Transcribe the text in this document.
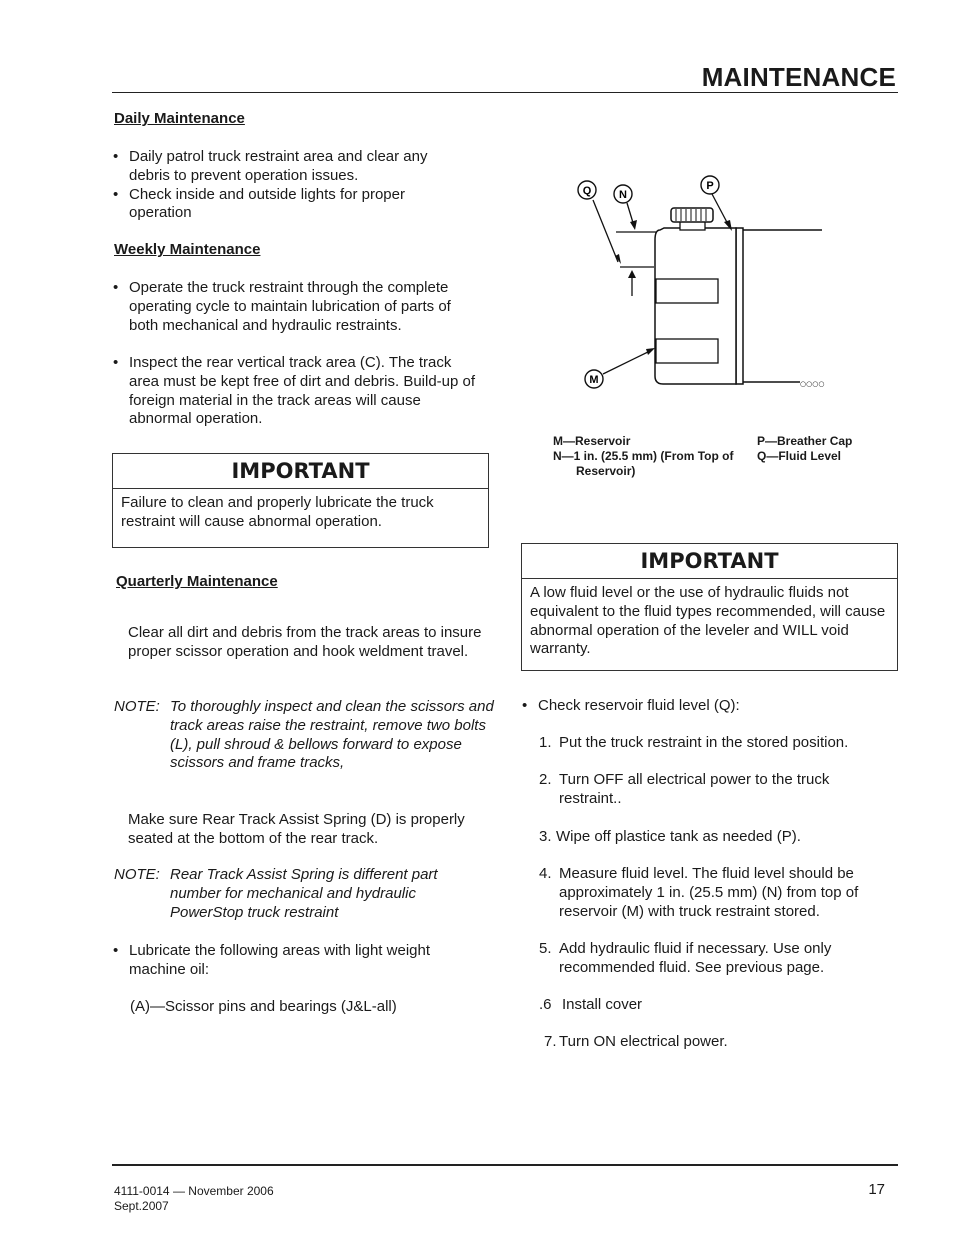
MAINTENANCE
Daily Maintenance
• Daily patrol truck restraint area and clear any debris to prevent operation issues.
• Check inside and outside lights for proper operation
Weekly Maintenance
• Operate the truck restraint through the complete operating cycle to maintain lubrication of parts of both mechanical and hydraulic restraints.
• Inspect the rear vertical track area (C). The track area must be kept free of dirt and debris. Build-up of foreign material in the track areas will cause abnormal operation.
IMPORTANT
Failure to clean and properly lubricate the truck restraint will cause abnormal operation.
Quarterly Maintenance
Clear all dirt and debris from the track areas to insure proper scissor operation and hook weldment travel.
NOTE: To thoroughly inspect and clean the scissors and track areas raise the restraint, remove two bolts (L), pull shroud & bellows forward to expose scissors and frame tracks,
Make sure Rear Track Assist Spring (D) is properly seated at the bottom of the rear track.
NOTE: Rear Track Assist Spring is different part number for mechanical and hydraulic PowerStop truck restraint
• Lubricate the following areas with light weight machine oil:
(A)—Scissor pins and bearings (J&L-all)
○○○○
Q	N
P
M
M—Reservoir
N—1 in. (25.5 mm) (From Top of
Reservoir)
P—Breather Cap
Q—Fluid Level
IMPORTANT
A low fluid level or the use of hydraulic fluids not equivalent to the fluid types recommended, will cause abnormal operation of the leveler and WILL void warranty.
• Check reservoir fluid level (Q):
1. Put the truck restraint in the stored position.
2. Turn OFF all electrical power to the truck restraint..
3. Wipe off plastice tank as needed (P).
4. Measure fluid level. The fluid level should be approximately 1 in. (25.5 mm) (N) from top of reservoir (M) with truck restraint stored.
5. Add hydraulic fluid if necessary. Use only recommended fluid. See previous page.
.6 Install cover
7. Turn ON electrical power.
4111-0014 — November 2006
Sept.2007
17
